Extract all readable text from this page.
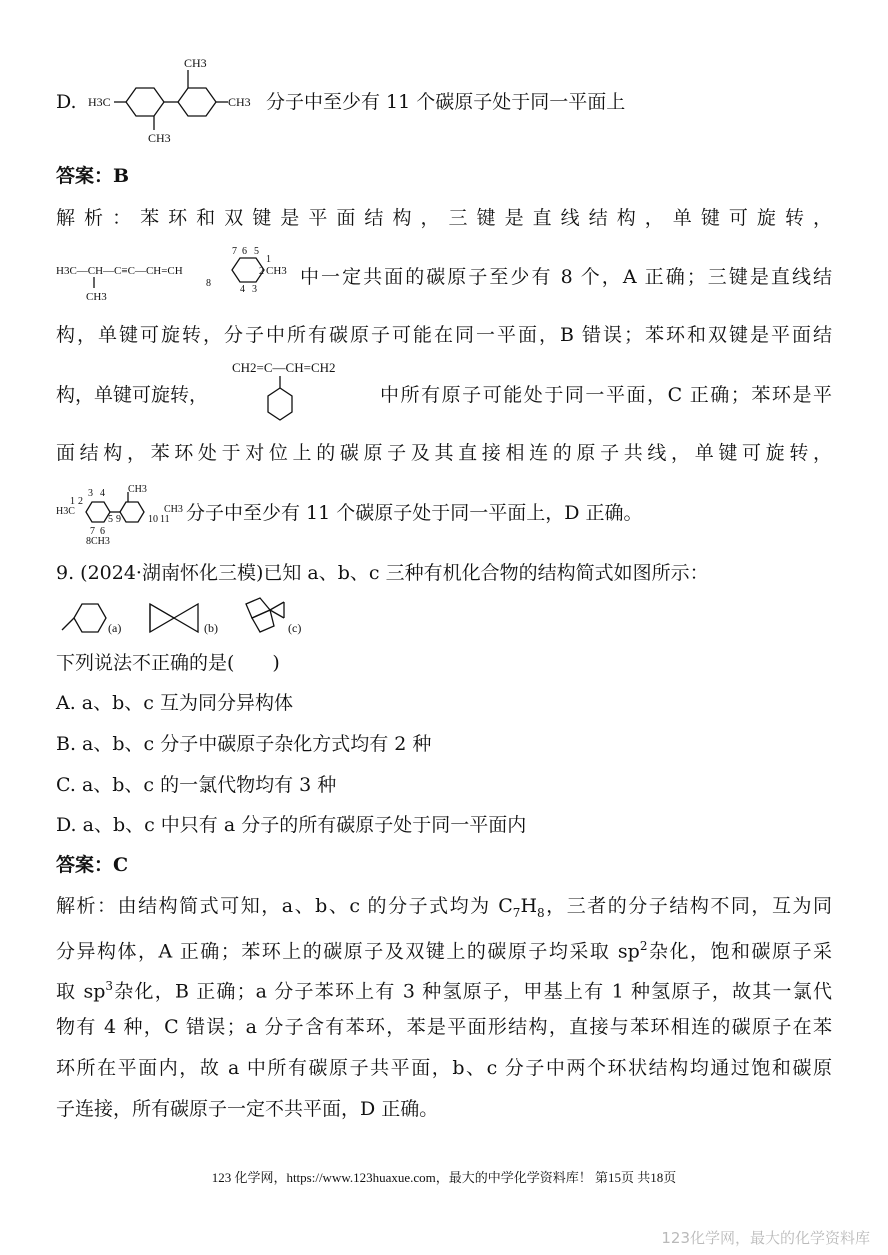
D. H3C
CH3
CH3
CH3
分子中至少有 11 个碳原子处于同一平面上
答案：B
解析：苯环和双键是平面结构，三键是直线结构，单键可旋转，
H3C—CH—C≡C—CH=CH
CH3
7 6 5
1
2
4 3
8
CH3 中一定共面的碳原子至少有 8 个，A 正确；三键是直线结
构，单键可旋转，分子中所有碳原子可能在同一平面，B 错误；苯环和双键是平面结
构，单键可旋转，
CH2=C—CH=CH2
中所有原子可能处于同一平面，C 正确；苯环是平
面结构，苯环处于对位上的碳原子及其直接相连的原子共线，单键可旋转，
H3C
1 2
3 4 CH3
5 9	10 11
CH3
7 6
8CH3
分子中至少有 11 个碳原子处于同一平面上，D 正确。
9. (2024·湖南怀化三模)已知 a、b、c 三种有机化合物的结构简式如图所示：
(a)	(b)	(c)
下列说法不正确的是(　　)
A. a、b、c 互为同分异构体
B. a、b、c 分子中碳原子杂化方式均有 2 种
C. a、b、c 的一氯代物均有 3 种
D. a、b、c 中只有 a 分子的所有碳原子处于同一平面内
答案：C
解析：由结构简式可知，a、b、c 的分子式均为 $C_7H_8$，三者的分子结构不同，互为同
分异构体，A 正确；苯环上的碳原子及双键上的碳原子均采取 $sp^2$杂化，饱和碳原子采
取 $sp^3$杂化，B 正确；a 分子苯环上有 3 种氢原子，甲基上有 1 种氢原子，故其一氯代
物有 4 种，C 错误；a 分子含有苯环，苯是平面形结构，直接与苯环相连的碳原子在苯
环所在平面内，故 a 中所有碳原子共平面，b、c 分子中两个环状结构均通过饱和碳原
子连接，所有碳原子一定不共平面，D 正确。
123 化学网，https://www.123huaxue.com，最大的中学化学资料库！ 第15页 共18页
123化学网，最大的化学资料库
